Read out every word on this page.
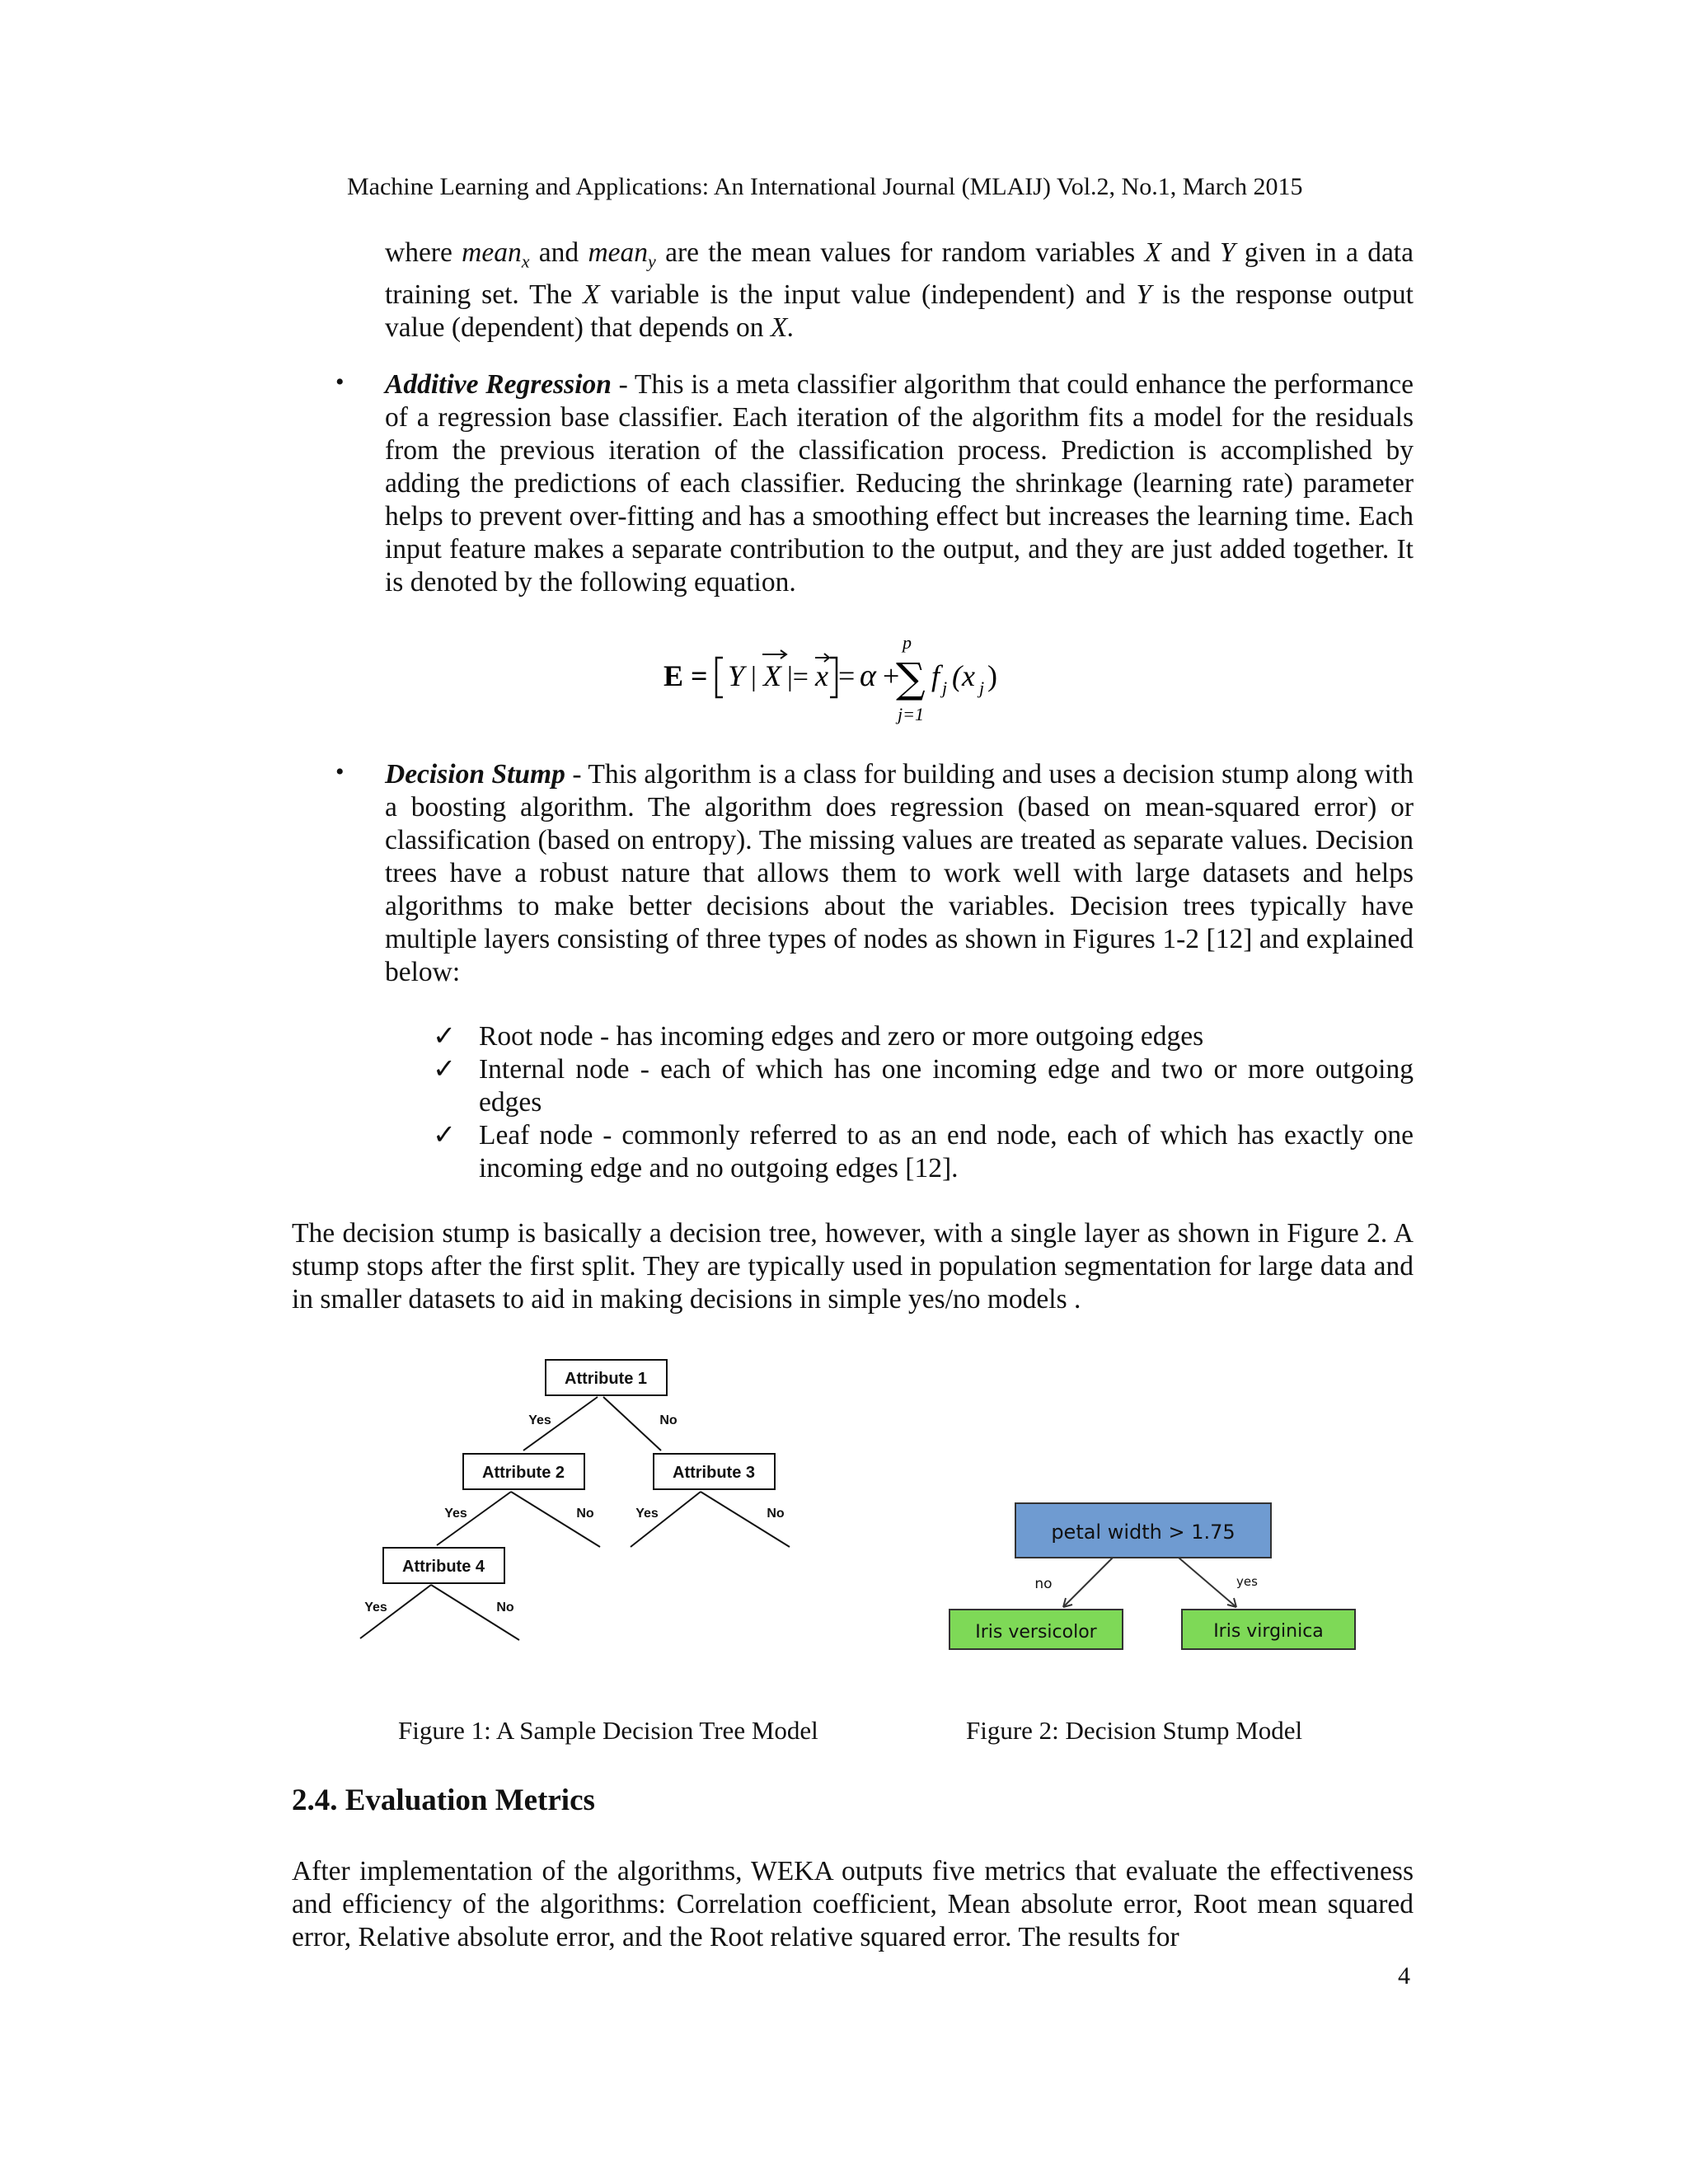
Machine Learning and Applications: An International Journal (MLAIJ) Vol.2, No.1, March 2015
where mean$_x$ and mean$_y$ are the mean values for random variables X and Y given in a data training set. The X variable is the input value (independent) and Y is the response output value (dependent) that depends on X.
• Additive Regression - This is a meta classifier algorithm that could enhance the performance of a regression base classifier. Each iteration of the algorithm fits a model for the residuals from the previous iteration of the classification process. Prediction is accomplished by adding the predictions of each classifier. Reducing the shrinkage (learning rate) parameter helps to prevent over-fitting and has a smoothing effect but increases the learning time. Each input feature makes a separate contribution to the output, and they are just added together. It is denoted by the following equation.
E = Y | X |= x = α +
p
∑
j=1
f j (x j )
• Decision Stump - This algorithm is a class for building and uses a decision stump along with a boosting algorithm. The algorithm does regression (based on mean-squared error) or classification (based on entropy). The missing values are treated as separate values. Decision trees have a robust nature that allows them to work well with large datasets and helps algorithms to make better decisions about the variables. Decision trees typically have multiple layers consisting of three types of nodes as shown in Figures 1-2 [12] and explained below:
✓ Root node - has incoming edges and zero or more outgoing edges
✓ Internal node - each of which has one incoming edge and two or more outgoing edges
✓ Leaf node - commonly referred to as an end node, each of which has exactly one incoming edge and no outgoing edges [12].
The decision stump is basically a decision tree, however, with a single layer as shown in Figure 2. A stump stops after the first split. They are typically used in population segmentation for large data and in smaller datasets to aid in making decisions in simple yes/no models .
Attribute 1
Attribute 2	Attribute 3
Attribute 4
Yes	No
Yes	No	Yes	No
Yes	No
petal width > 1.75
Iris versicolor	Iris virginica
no	yes
Figure 1: A Sample Decision Tree Model	Figure 2: Decision Stump Model
2.4. Evaluation Metrics
After implementation of the algorithms, WEKA outputs five metrics that evaluate the effectiveness and efficiency of the algorithms: Correlation coefficient, Mean absolute error, Root mean squared error, Relative absolute error, and the Root relative squared error. The results for
4
